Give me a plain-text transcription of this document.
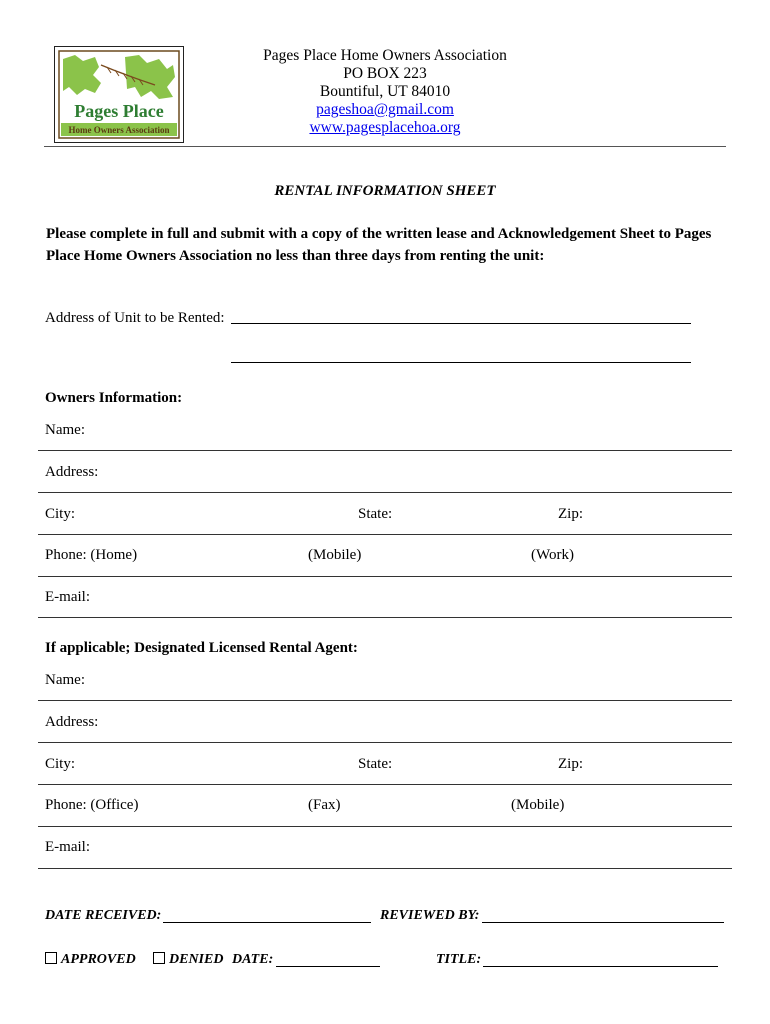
Pages Place
Home Owners Association
Pages Place Home Owners Association
PO BOX 223
Bountiful, UT 84010
pageshoa@gmail.com
www.pagesplacehoa.org
RENTAL INFORMATION SHEET
Please complete in full and submit with a copy of the written lease and Acknowledgement Sheet to Pages Place Home Owners Association no less than three days from renting the unit:
Address of Unit to be Rented:
Owners Information:
Name:
Address:
City:	State:	Zip:
Phone: (Home)	(Mobile)	(Work)
E-mail:
If applicable; Designated Licensed Rental Agent:
Name:
Address:
City:	State:	Zip:
Phone: (Office)	(Fax)	(Mobile)
E-mail:
DATE RECEIVED:	REVIEWED BY:
APPROVED	DENIED DATE:	TITLE:
